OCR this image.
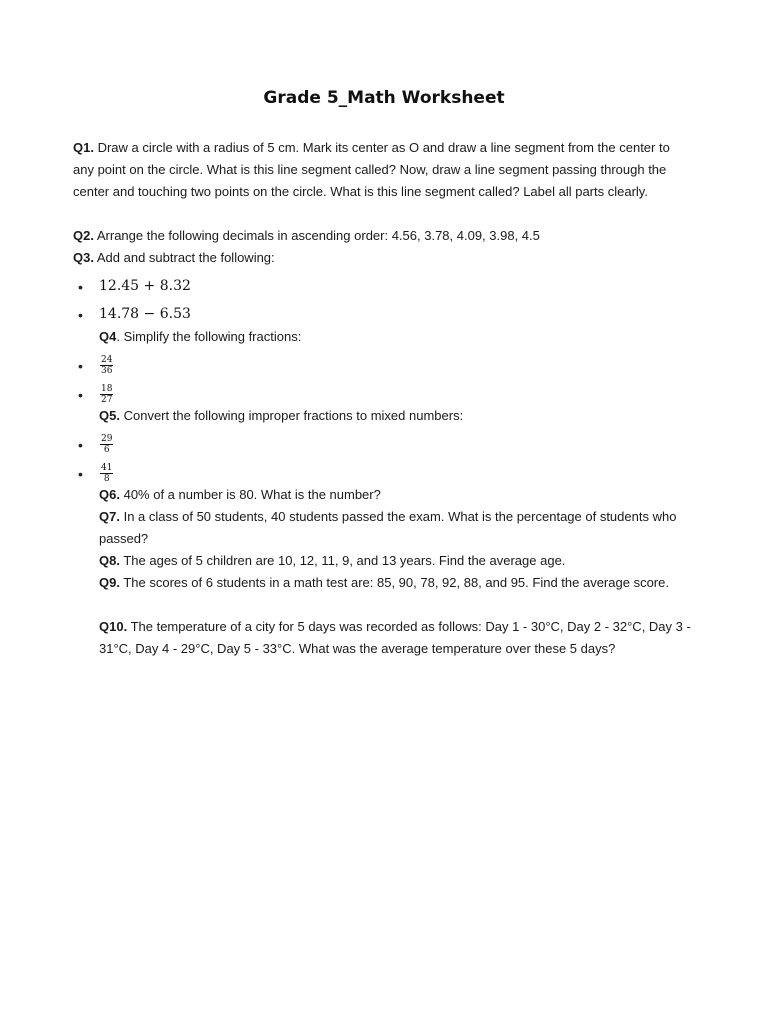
Grade 5_Math Worksheet

Q1. Draw a circle with a radius of 5 cm. Mark its center as O and draw a line segment from the center to any point on the circle. What is this line segment called? Now, draw a line segment passing through the center and touching two points on the circle. What is this line segment called? Label all parts clearly.

Q2. Arrange the following decimals in ascending order: 4.56, 3.78, 4.09, 3.98, 4.5

Q3. Add and subtract the following:

• 12.45 + 8.32
• 14.78 − 6.53

Q4. Simplify the following fractions:

• $\frac{24}{36}$
• $\frac{18}{27}$

Q5. Convert the following improper fractions to mixed numbers:

• $\frac{29}{6}$
• $\frac{41}{8}$

Q6. 40% of a number is 80. What is the number?

Q7. In a class of 50 students, 40 students passed the exam. What is the percentage of students who passed?

Q8. The ages of 5 children are 10, 12, 11, 9, and 13 years. Find the average age.

Q9. The scores of 6 students in a math test are: 85, 90, 78, 92, 88, and 95. Find the average score.

Q10. The temperature of a city for 5 days was recorded as follows: Day 1 - 30°C, Day 2 - 32°C, Day 3 - 31°C, Day 4 - 29°C, Day 5 - 33°C. What was the average temperature over these 5 days?
